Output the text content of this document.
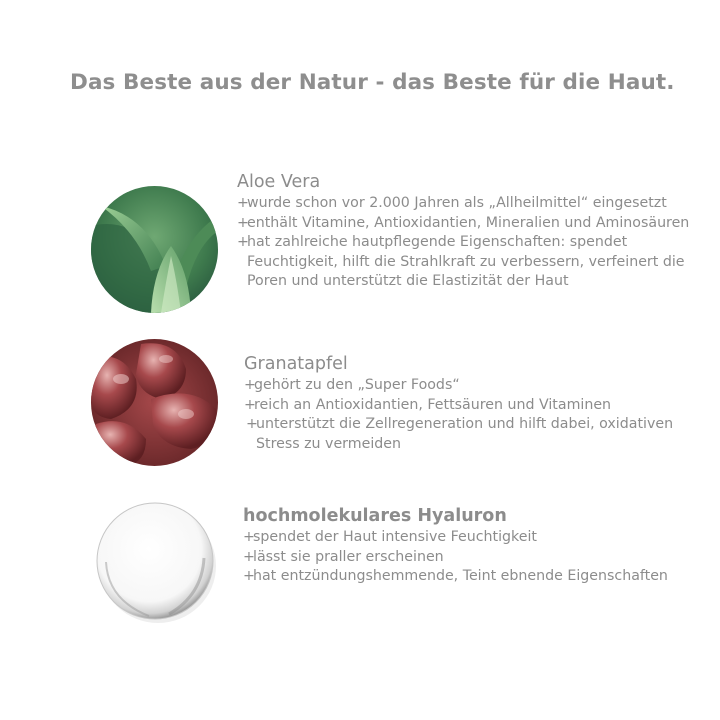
Das Beste aus der Natur - das Beste für die Haut.
Aloe Vera
+wurde schon vor 2.000 Jahren als „Allheilmittel“ eingesetzt
+enthält Vitamine, Antioxidantien, Mineralien und Aminosäuren
+hat zahlreiche hautpflegende Eigenschaften: spendet Feuchtigkeit, hilft die Strahlkraft zu verbessern, verfeinert die Poren und unterstützt die Elastizität der Haut
Granatapfel
+gehört zu den „Super Foods“
+reich an Antioxidantien, Fettsäuren und Vitaminen
+unterstützt die Zellregeneration und hilft dabei, oxidativen Stress zu vermeiden
hochmolekulares Hyaluron
+spendet der Haut intensive Feuchtigkeit
+lässt sie praller erscheinen
+hat entzündungshemmende, Teint ebnende Eigenschaften
